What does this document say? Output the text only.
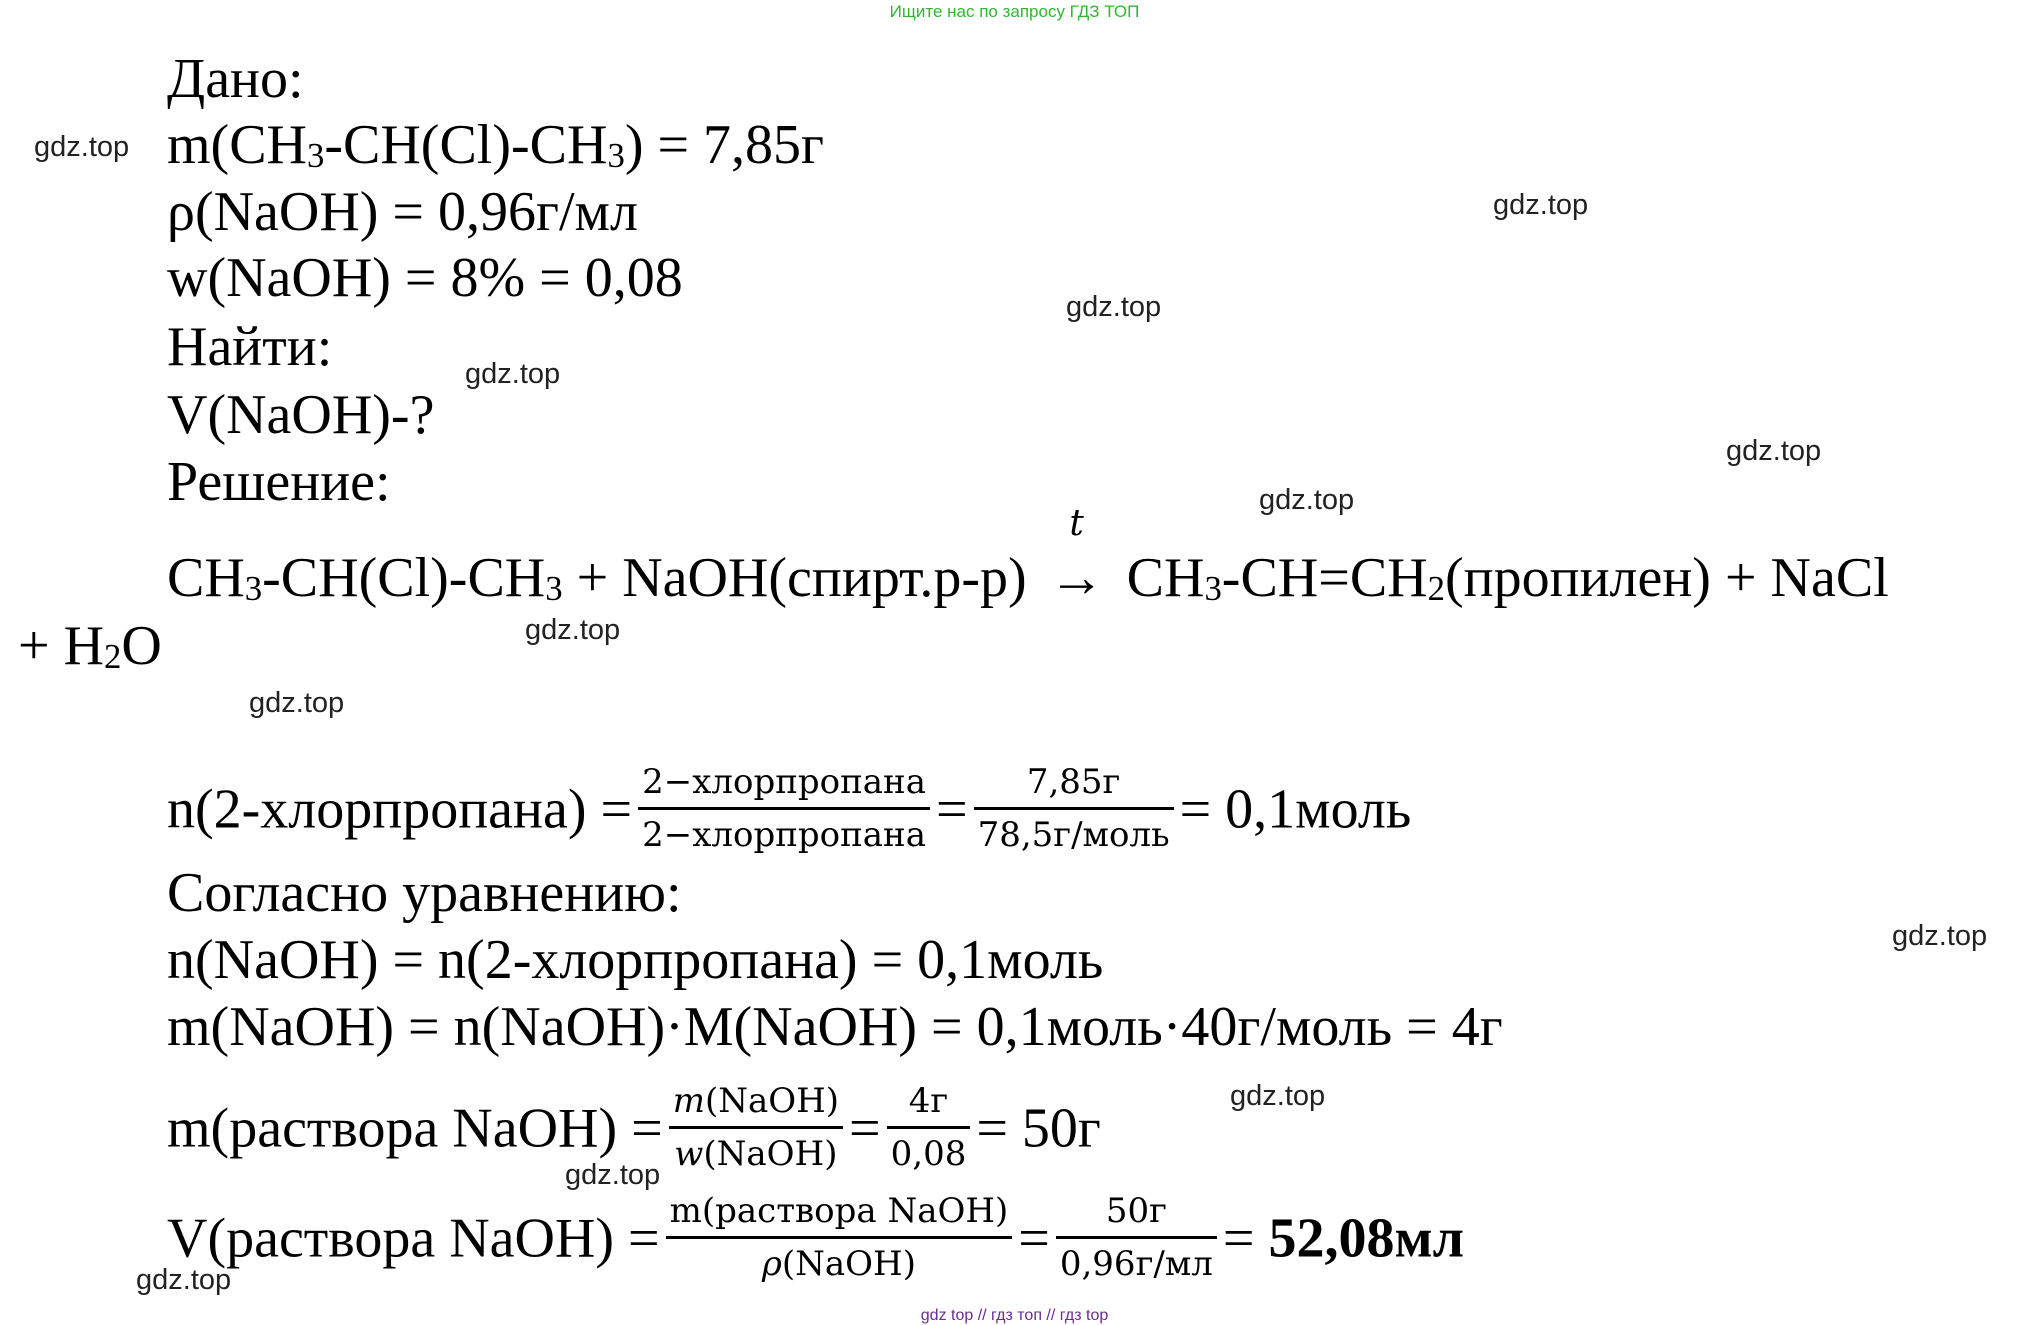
Ищите нас по запросу ГДЗ ТОП
Дано:
$m(CH_3-CH(Cl)-CH_3) = 7,85г$
ρ(NaOH) = 0,96г/мл
w(NaOH) = 8% = 0,08
Найти:
V(NaOH)-?
Решение:
$CH_3-CH(Cl)-CH_3$ + NaOH(спирт.р-р)
t
→ $CH_3-CH=CH_2(пропилен)$ + NaCl
+ $H_2O$
n(2-хлорпропана) = $\frac{\text{2−хлорпропана}}{\text{2−хлорпропана}} = \frac{7,85г}{\text{78,5г/моль}}$ = 0,1моль
Согласно уравнению:
n(NaOH) = n(2-хлорпропана) = 0,1моль
m(NaOH) = n(NaOH)·M(NaOH) = 0,1моль·40г/моль = 4г
m(раствора NaOH) = $\frac{\text{m(NaOH)}}{\text{w(NaOH)}} = \frac{4г}{0,08} = 50г$
V(раствора NaOH) = $\frac{\text{m(раствора NaOH)}}{\text{ρ(NaOH)}} = \frac{50г}{0,96г/мл} = 52,08мл$
gdz.top
gdz.top
gdz.top
gdz.top
gdz.top
gdz.top
gdz.top
gdz.top
gdz.top
gdz.top
gdz.top
gdz.top
gdz top // гдз топ // гдз top
